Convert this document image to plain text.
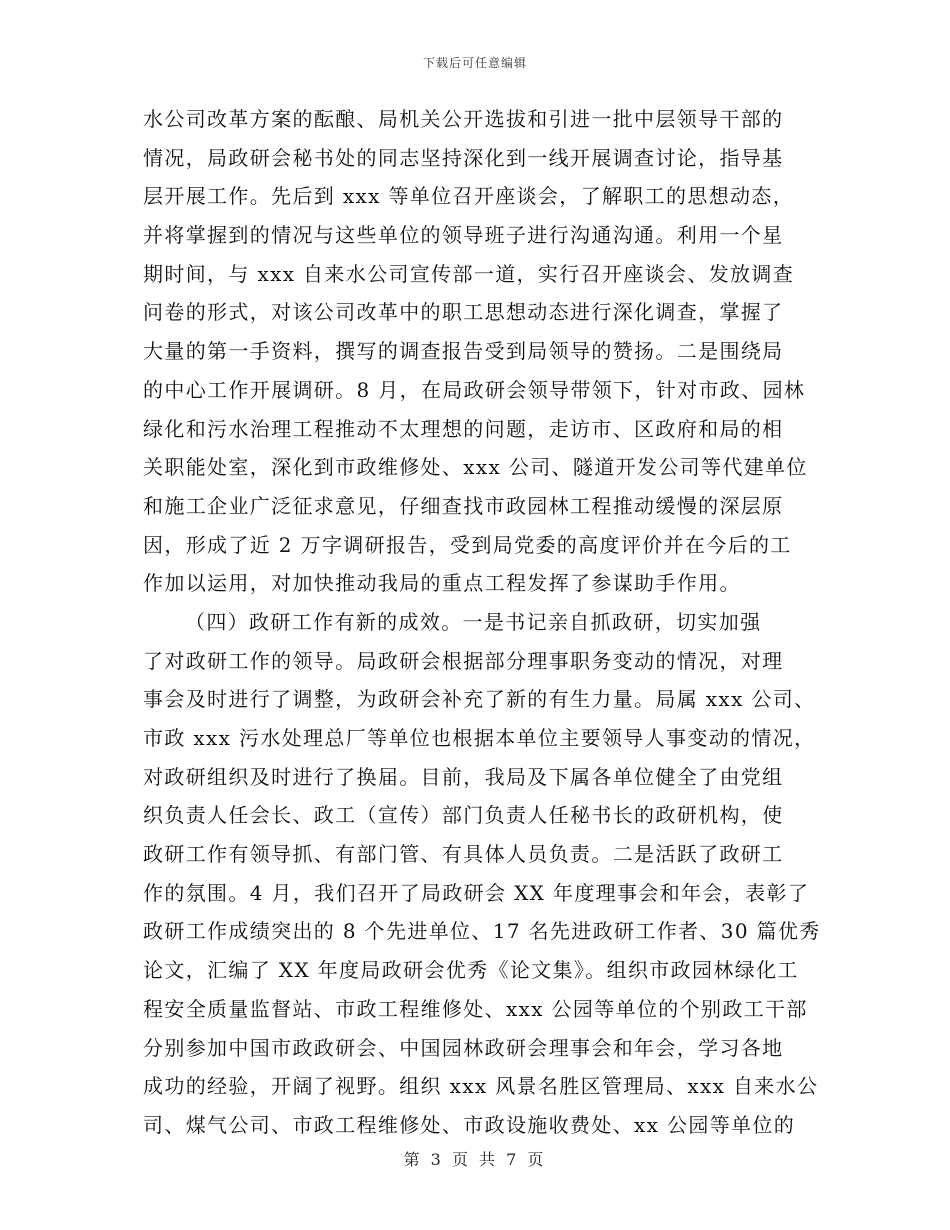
下载后可任意编辑
水公司改革方案的酝酿、局机关公开选拔和引进一批中层领导干部的
情况，局政研会秘书处的同志坚持深化到一线开展调查讨论，指导基
层开展工作。先后到 xxx 等单位召开座谈会，了解职工的思想动态，
并将掌握到的情况与这些单位的领导班子进行沟通沟通。利用一个星
期时间，与 xxx 自来水公司宣传部一道，实行召开座谈会、发放调查
问卷的形式，对该公司改革中的职工思想动态进行深化调查，掌握了
大量的第一手资料，撰写的调查报告受到局领导的赞扬。二是围绕局
的中心工作开展调研。8 月，在局政研会领导带领下，针对市政、园林
绿化和污水治理工程推动不太理想的问题，走访市、区政府和局的相
关职能处室，深化到市政维修处、xxx 公司、隧道开发公司等代建单位
和施工企业广泛征求意见，仔细查找市政园林工程推动缓慢的深层原
因，形成了近 2 万字调研报告，受到局党委的高度评价并在今后的工
作加以运用，对加快推动我局的重点工程发挥了参谋助手作用。
（四）政研工作有新的成效。一是书记亲自抓政研，切实加强
了对政研工作的领导。局政研会根据部分理事职务变动的情况，对理
事会及时进行了调整，为政研会补充了新的有生力量。局属 xxx 公司、
市政 xxx 污水处理总厂等单位也根据本单位主要领导人事变动的情况，
对政研组织及时进行了换届。目前，我局及下属各单位健全了由党组
织负责人任会长、政工（宣传）部门负责人任秘书长的政研机构，使
政研工作有领导抓、有部门管、有具体人员负责。二是活跃了政研工
作的氛围。4 月，我们召开了局政研会 XX 年度理事会和年会，表彰了
政研工作成绩突出的 8 个先进单位、17 名先进政研工作者、30 篇优秀
论文，汇编了 XX 年度局政研会优秀《论文集》。组织市政园林绿化工
程安全质量监督站、市政工程维修处、xxx 公园等单位的个别政工干部
分别参加中国市政政研会、中国园林政研会理事会和年会，学习各地
成功的经验，开阔了视野。组织 xxx 风景名胜区管理局、xxx 自来水公
司、煤气公司、市政工程维修处、市政设施收费处、xx 公园等单位的
第 3 页 共 7 页
